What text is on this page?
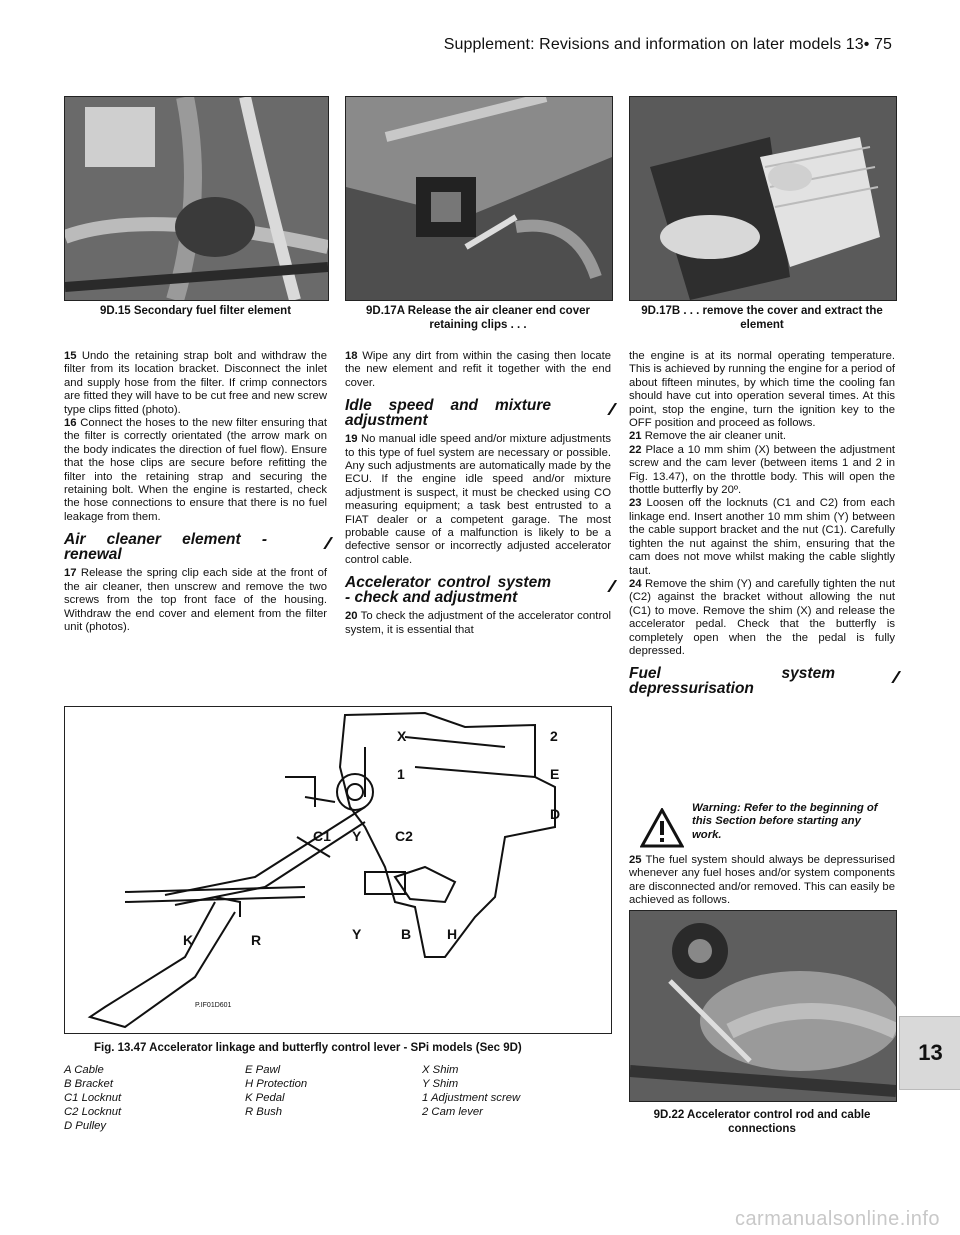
Supplement: Revisions and information on later models 13• 75
9D.15 Secondary fuel filter element	9D.17A Release the air cleaner end cover retaining clips . . .
9D.17B . . . remove the cover and extract the element

15 Undo the retaining strap bolt and withdraw the filter from its location bracket. Disconnect the inlet and supply hose from the filter. If crimp connectors are fitted they will have to be cut free and new screw type clips fitted (photo).

16 Connect the hoses to the new filter ensuring that the filter is correctly orientated (the arrow mark on the body indicates the direction of fuel flow). Ensure that the hose clips are secure before refitting the filter into the retaining strap and securing the retaining bolt. When the engine is restarted, check the hose connections to ensure that there is no fuel leakage from them.

Air cleaner element - renewal

17 Release the spring clip each side at the front of the air cleaner, then unscrew and remove the two screws from the top front face of the housing. Withdraw the end cover and element from the filter unit (photos).

18 Wipe any dirt from within the casing then locate the new element and refit it together with the end cover.

Idle speed and mixture adjustment

19 No manual idle speed and/or mixture adjustments to this type of fuel system are necessary or possible. Any such adjustments are automatically made by the ECU. If the engine idle speed and/or mixture adjustment is suspect, it must be checked using CO measuring equipment; a task best entrusted to a FIAT dealer or a competent garage. The most probable cause of a malfunction is likely to be a defective sensor or incorrectly adjusted accelerator control cable.

Accelerator control system - check and adjustment

20 To check the adjustment of the accelerator control system, it is essential that

the engine is at its normal operating temperature. This is achieved by running the engine for a period of about fifteen minutes, by which time the cooling fan should have cut into operation several times. At this point, stop the engine, turn the ignition key to the OFF position and proceed as follows.

21 Remove the air cleaner unit.

22 Place a 10 mm shim (X) between the adjustment screw and the cam lever (between items 1 and 2 in Fig. 13.47), on the throttle body. This will open the thottle butterfly by 20º.

23 Loosen off the locknuts (C1 and C2) from each linkage end. Insert another 10 mm shim (Y) between the cable support bracket and the nut (C1). Carefully tighten the nut against the shim, ensuring that the cam does not move whilst making the cable slightly taut.

24 Remove the shim (Y) and carefully tighten the nut (C2) against the bracket without allowing the nut (C1) to move. Remove the shim (X) and release the accelerator pedal. Check that the butterfly is completely open when the the pedal is fully depressed.

Fuel system depressurisation
Warning: Refer to the beginning of this Section before starting any work.

25 The fuel system should always be depressurised whenever any fuel hoses and/or system components are disconnected and/or removed. This can easily be achieved as follows.

9D.22 Accelerator control rod and cable connections
X	2
1	E
D
C1 Y C2
K	R	Y	B	H
P.IF01D601
Fig. 13.47 Accelerator linkage and butterfly control lever - SPi models (Sec 9D)
A Cable
B Bracket
C1 Locknut
C2 Locknut
D Pulley
E Pawl
H Protection
K Pedal
R Bush
X Shim
Y Shim
1 Adjustment screw
2 Cam lever
13
carmanualsonline.info
